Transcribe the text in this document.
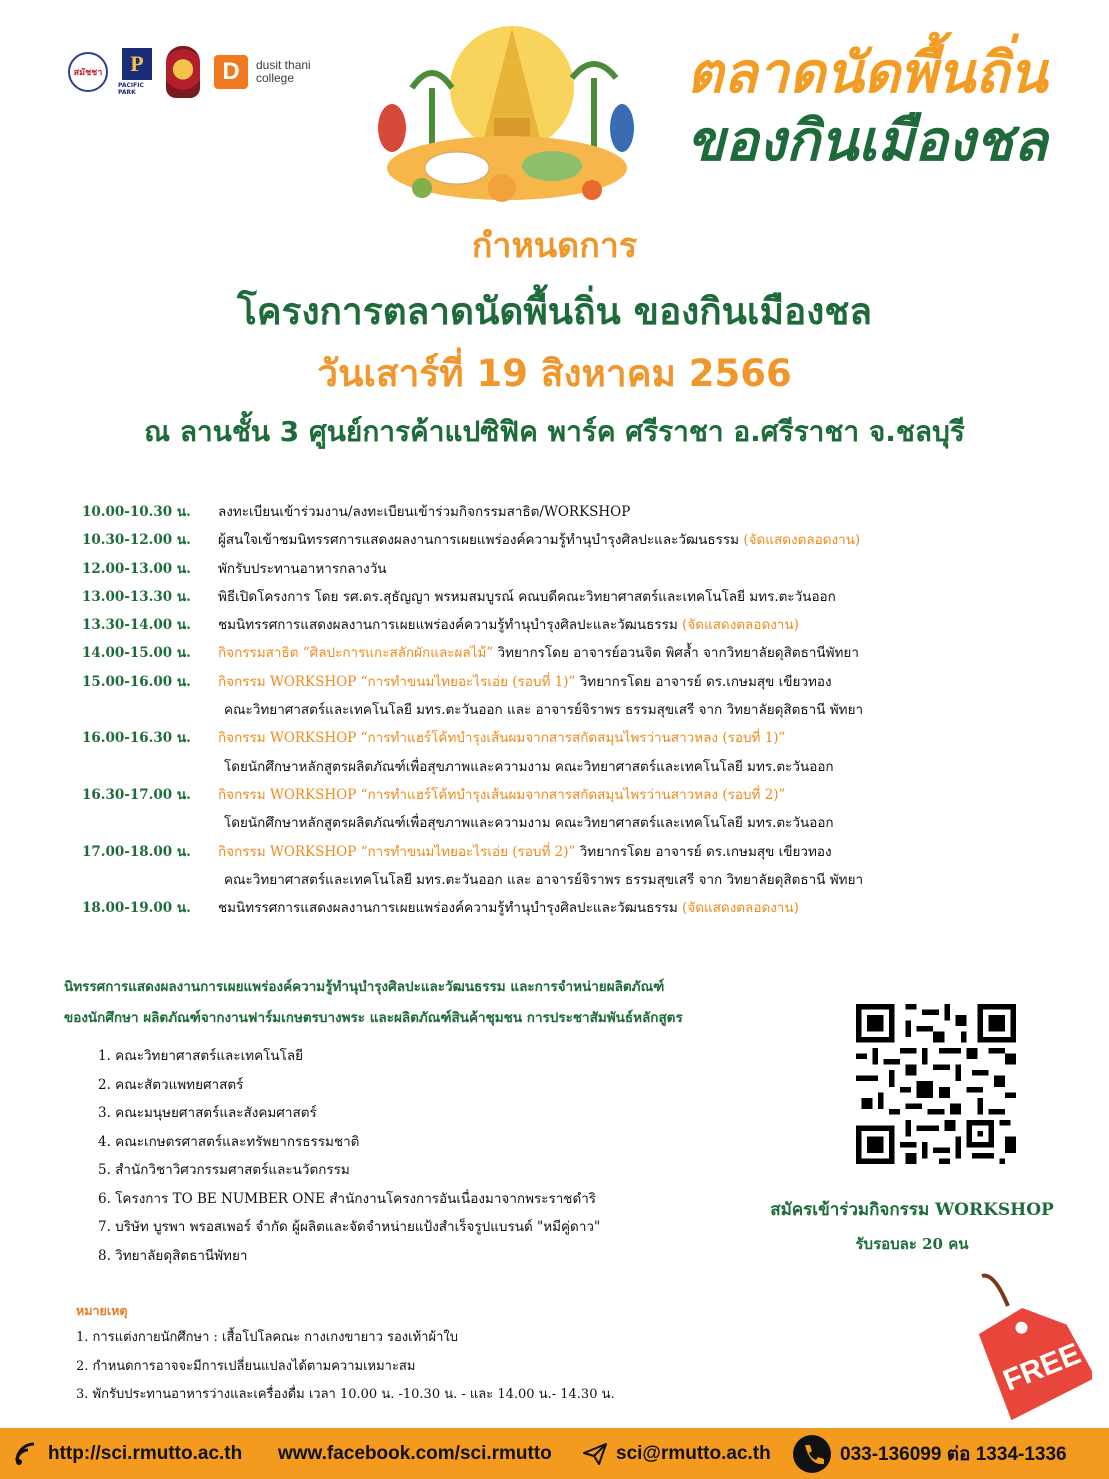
สมัชชา	P
PACIFIC PARK
D	dusit thani
college	ตลาดนัดพื้นถิ่น
ของกินเมืองชล
กำหนดการ
โครงการตลาดนัดพื้นถิ่น ของกินเมืองชล
วันเสาร์ที่ 19 สิงหาคม 2566
ณ ลานชั้น 3 ศูนย์การค้าแปซิฟิค พาร์ค ศรีราชา อ.ศรีราชา จ.ชลบุรี
10.00-10.30 น.	ลงทะเบียนเข้าร่วมงาน/ลงทะเบียนเข้าร่วมกิจกรรมสาธิต/WORKSHOP
10.30-12.00 น.	ผู้สนใจเข้าชมนิทรรศการแสดงผลงานการเผยแพร่องค์ความรู้ทำนุบำรุงศิลปะและวัฒนธรรม (จัดแสดงตลอดงาน)
12.00-13.00 น.	พักรับประทานอาหารกลางวัน
13.00-13.30 น.	พิธีเปิดโครงการ โดย รศ.ดร.สุธัญญา พรหมสมบูรณ์ คณบดีคณะวิทยาศาสตร์และเทคโนโลยี มทร.ตะวันออก
13.30-14.00 น.	ชมนิทรรศการแสดงผลงานการเผยแพร่องค์ความรู้ทำนุบำรุงศิลปะและวัฒนธรรม (จัดแสดงตลอดงาน)
14.00-15.00 น.	กิจกรรมสาธิต “ศิลปะการแกะสลักผักและผลไม้” วิทยากรโดย อาจารย์อวนจิต พิศล้ำ จากวิทยาลัยดุสิตธานีพัทยา
15.00-16.00 น.	กิจกรรม WORKSHOP “การทำขนมไทยอะไรเอ่ย (รอบที่ 1)” วิทยากรโดย อาจารย์ ดร.เกษมสุข เขียวทอง
คณะวิทยาศาสตร์และเทคโนโลยี มทร.ตะวันออก และ อาจารย์จิราพร ธรรมสุขเสรี จาก วิทยาลัยดุสิตธานี พัทยา
16.00-16.30 น.	กิจกรรม WORKSHOP “การทำแฮร์โค้ทบำรุงเส้นผมจากสารสกัดสมุนไพรว่านสาวหลง (รอบที่ 1)”
โดยนักศึกษาหลักสูตรผลิตภัณฑ์เพื่อสุขภาพและความงาม คณะวิทยาศาสตร์และเทคโนโลยี มทร.ตะวันออก
16.30-17.00 น.	กิจกรรม WORKSHOP “การทำแฮร์โค้ทบำรุงเส้นผมจากสารสกัดสมุนไพรว่านสาวหลง (รอบที่ 2)”
โดยนักศึกษาหลักสูตรผลิตภัณฑ์เพื่อสุขภาพและความงาม คณะวิทยาศาสตร์และเทคโนโลยี มทร.ตะวันออก
17.00-18.00 น.	กิจกรรม WORKSHOP “การทำขนมไทยอะไรเอ่ย (รอบที่ 2)” วิทยากรโดย อาจารย์ ดร.เกษมสุข เขียวทอง
คณะวิทยาศาสตร์และเทคโนโลยี มทร.ตะวันออก และ อาจารย์จิราพร ธรรมสุขเสรี จาก วิทยาลัยดุสิตธานี พัทยา
18.00-19.00 น.	ชมนิทรรศการแสดงผลงานการเผยแพร่องค์ความรู้ทำนุบำรุงศิลปะและวัฒนธรรม (จัดแสดงตลอดงาน)
นิทรรศการแสดงผลงานการเผยแพร่องค์ความรู้ทำนุบำรุงศิลปะและวัฒนธรรม และการจำหน่ายผลิตภัณฑ์
ของนักศึกษา ผลิตภัณฑ์จากงานฟาร์มเกษตรบางพระ และผลิตภัณฑ์สินค้าชุมชน การประชาสัมพันธ์หลักสูตร
1. คณะวิทยาศาสตร์และเทคโนโลยี
2. คณะสัตวแพทยศาสตร์
3. คณะมนุษยศาสตร์และสังคมศาสตร์
4. คณะเกษตรศาสตร์และทรัพยากรธรรมชาติ
5. สำนักวิชาวิศวกรรมศาสตร์และนวัตกรรม
6. โครงการ TO BE NUMBER ONE สำนักงานโครงการอันเนื่องมาจากพระราชดำริ
7. บริษัท บูรพา พรอสเพอร์ จำกัด ผู้ผลิตและจัดจำหน่ายแป้งสำเร็จรูปแบรนด์ "หมีคู่ดาว"
8. วิทยาลัยดุสิตธานีพัทยา
สมัครเข้าร่วมกิจกรรม WORKSHOP
รับรอบละ 20 คน
FREE
หมายเหตุ
1. การแต่งกายนักศึกษา : เสื้อโปโลคณะ กางเกงขายาว รองเท้าผ้าใบ
2. กำหนดการอาจจะมีการเปลี่ยนแปลงได้ตามความเหมาะสม
3. พักรับประทานอาหารว่างและเครื่องดื่ม เวลา 10.00 น. -10.30 น. - และ 14.00 น.- 14.30 น.
http://sci.rmutto.ac.th www.facebook.com/sci.rmutto	sci@rmutto.ac.th	033-136099 ต่อ 1334-1336
